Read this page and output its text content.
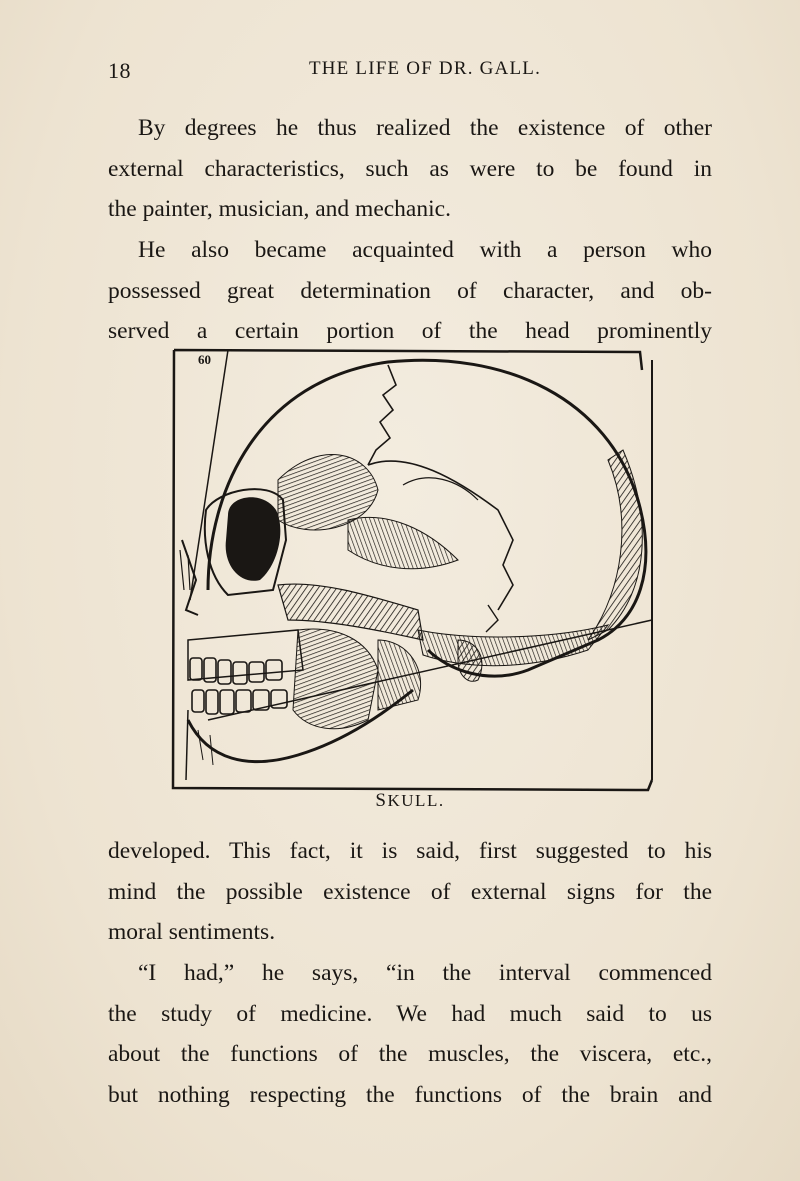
18	THE LIFE OF DR. GALL.
By degrees he thus realized the existence of other
external characteristics, such as were to be found in
the painter, musician, and mechanic.
He also became acquainted with a person who
possessed great determination of character, and ob-
served a certain portion of the head prominently
60
SKULL.
developed. This fact, it is said, first suggested to his
mind the possible existence of external signs for the
moral sentiments.
“I had,” he says, “in the interval commenced
the study of medicine. We had much said to us
about the functions of the muscles, the viscera, etc.,
but nothing respecting the functions of the brain and
